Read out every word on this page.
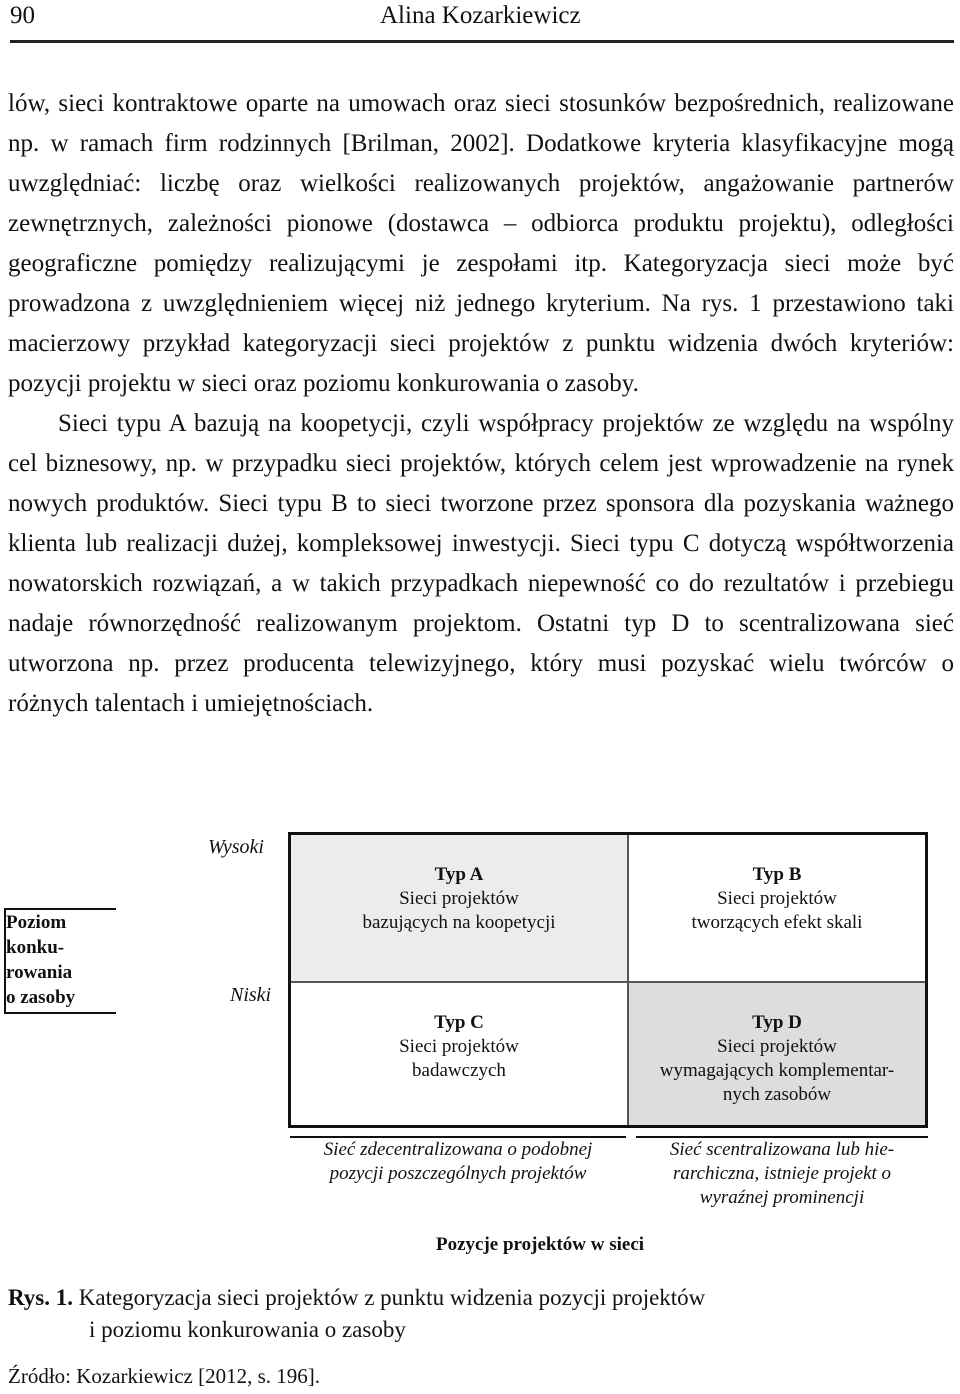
90	Alina Kozarkiewicz

lów, sieci kontraktowe oparte na umowach oraz sieci stosunków bezpośrednich, realizowane np. w ramach firm rodzinnych [Brilman, 2002]. Dodatkowe kryteria klasyfikacyjne mogą uwzględniać: liczbę oraz wielkości realizowanych projektów, angażowanie partnerów zewnętrznych, zależności pionowe (dostawca – odbiorca produktu projektu), odległości geograficzne pomiędzy realizującymi je zespołami itp. Kategoryzacja sieci może być prowadzona z uwzględnieniem więcej niż jednego kryterium. Na rys. 1 przestawiono taki macierzowy przykład kategoryzacji sieci projektów z punktu widzenia dwóch kryteriów: pozycji projektu w sieci oraz poziomu konkurowania o zasoby.

Sieci typu A bazują na koopetycji, czyli współpracy projektów ze względu na wspólny cel biznesowy, np. w przypadku sieci projektów, których celem jest wprowadzenie na rynek nowych produktów. Sieci typu B to sieci tworzone przez sponsora dla pozyskania ważnego klienta lub realizacji dużej, kompleksowej inwestycji. Sieci typu C dotyczą współtworzenia nowatorskich rozwiązań, a w takich przypadkach niepewność co do rezultatów i przebiegu nadaje równorzędność realizowanym projektom. Ostatni typ D to scentralizowana sieć utworzona np. przez producenta telewizyjnego, który musi pozyskać wielu twórców o różnych talentach i umiejętnościach.

Wysoki
Niski
Poziom
konku-
rowania
o zasoby
Typ A
Sieci projektów
bazujących na koopetycji
Typ B
Sieci projektów
tworzących efekt skali
Typ C
Sieci projektów
badawczych
Typ D
Sieci projektów
wymagających komplementar-
nych zasobów
Sieć zdecentralizowana o podobnej
pozycji poszczególnych projektów
Sieć scentralizowana lub hie-
rarchiczna, istnieje projekt o
wyraźnej prominencji
Pozycje projektów w sieci
Rys. 1. Kategoryzacja sieci projektów z punktu widzenia pozycji projektów
i poziomu konkurowania o zasoby
Źródło: Kozarkiewicz [2012, s. 196].
